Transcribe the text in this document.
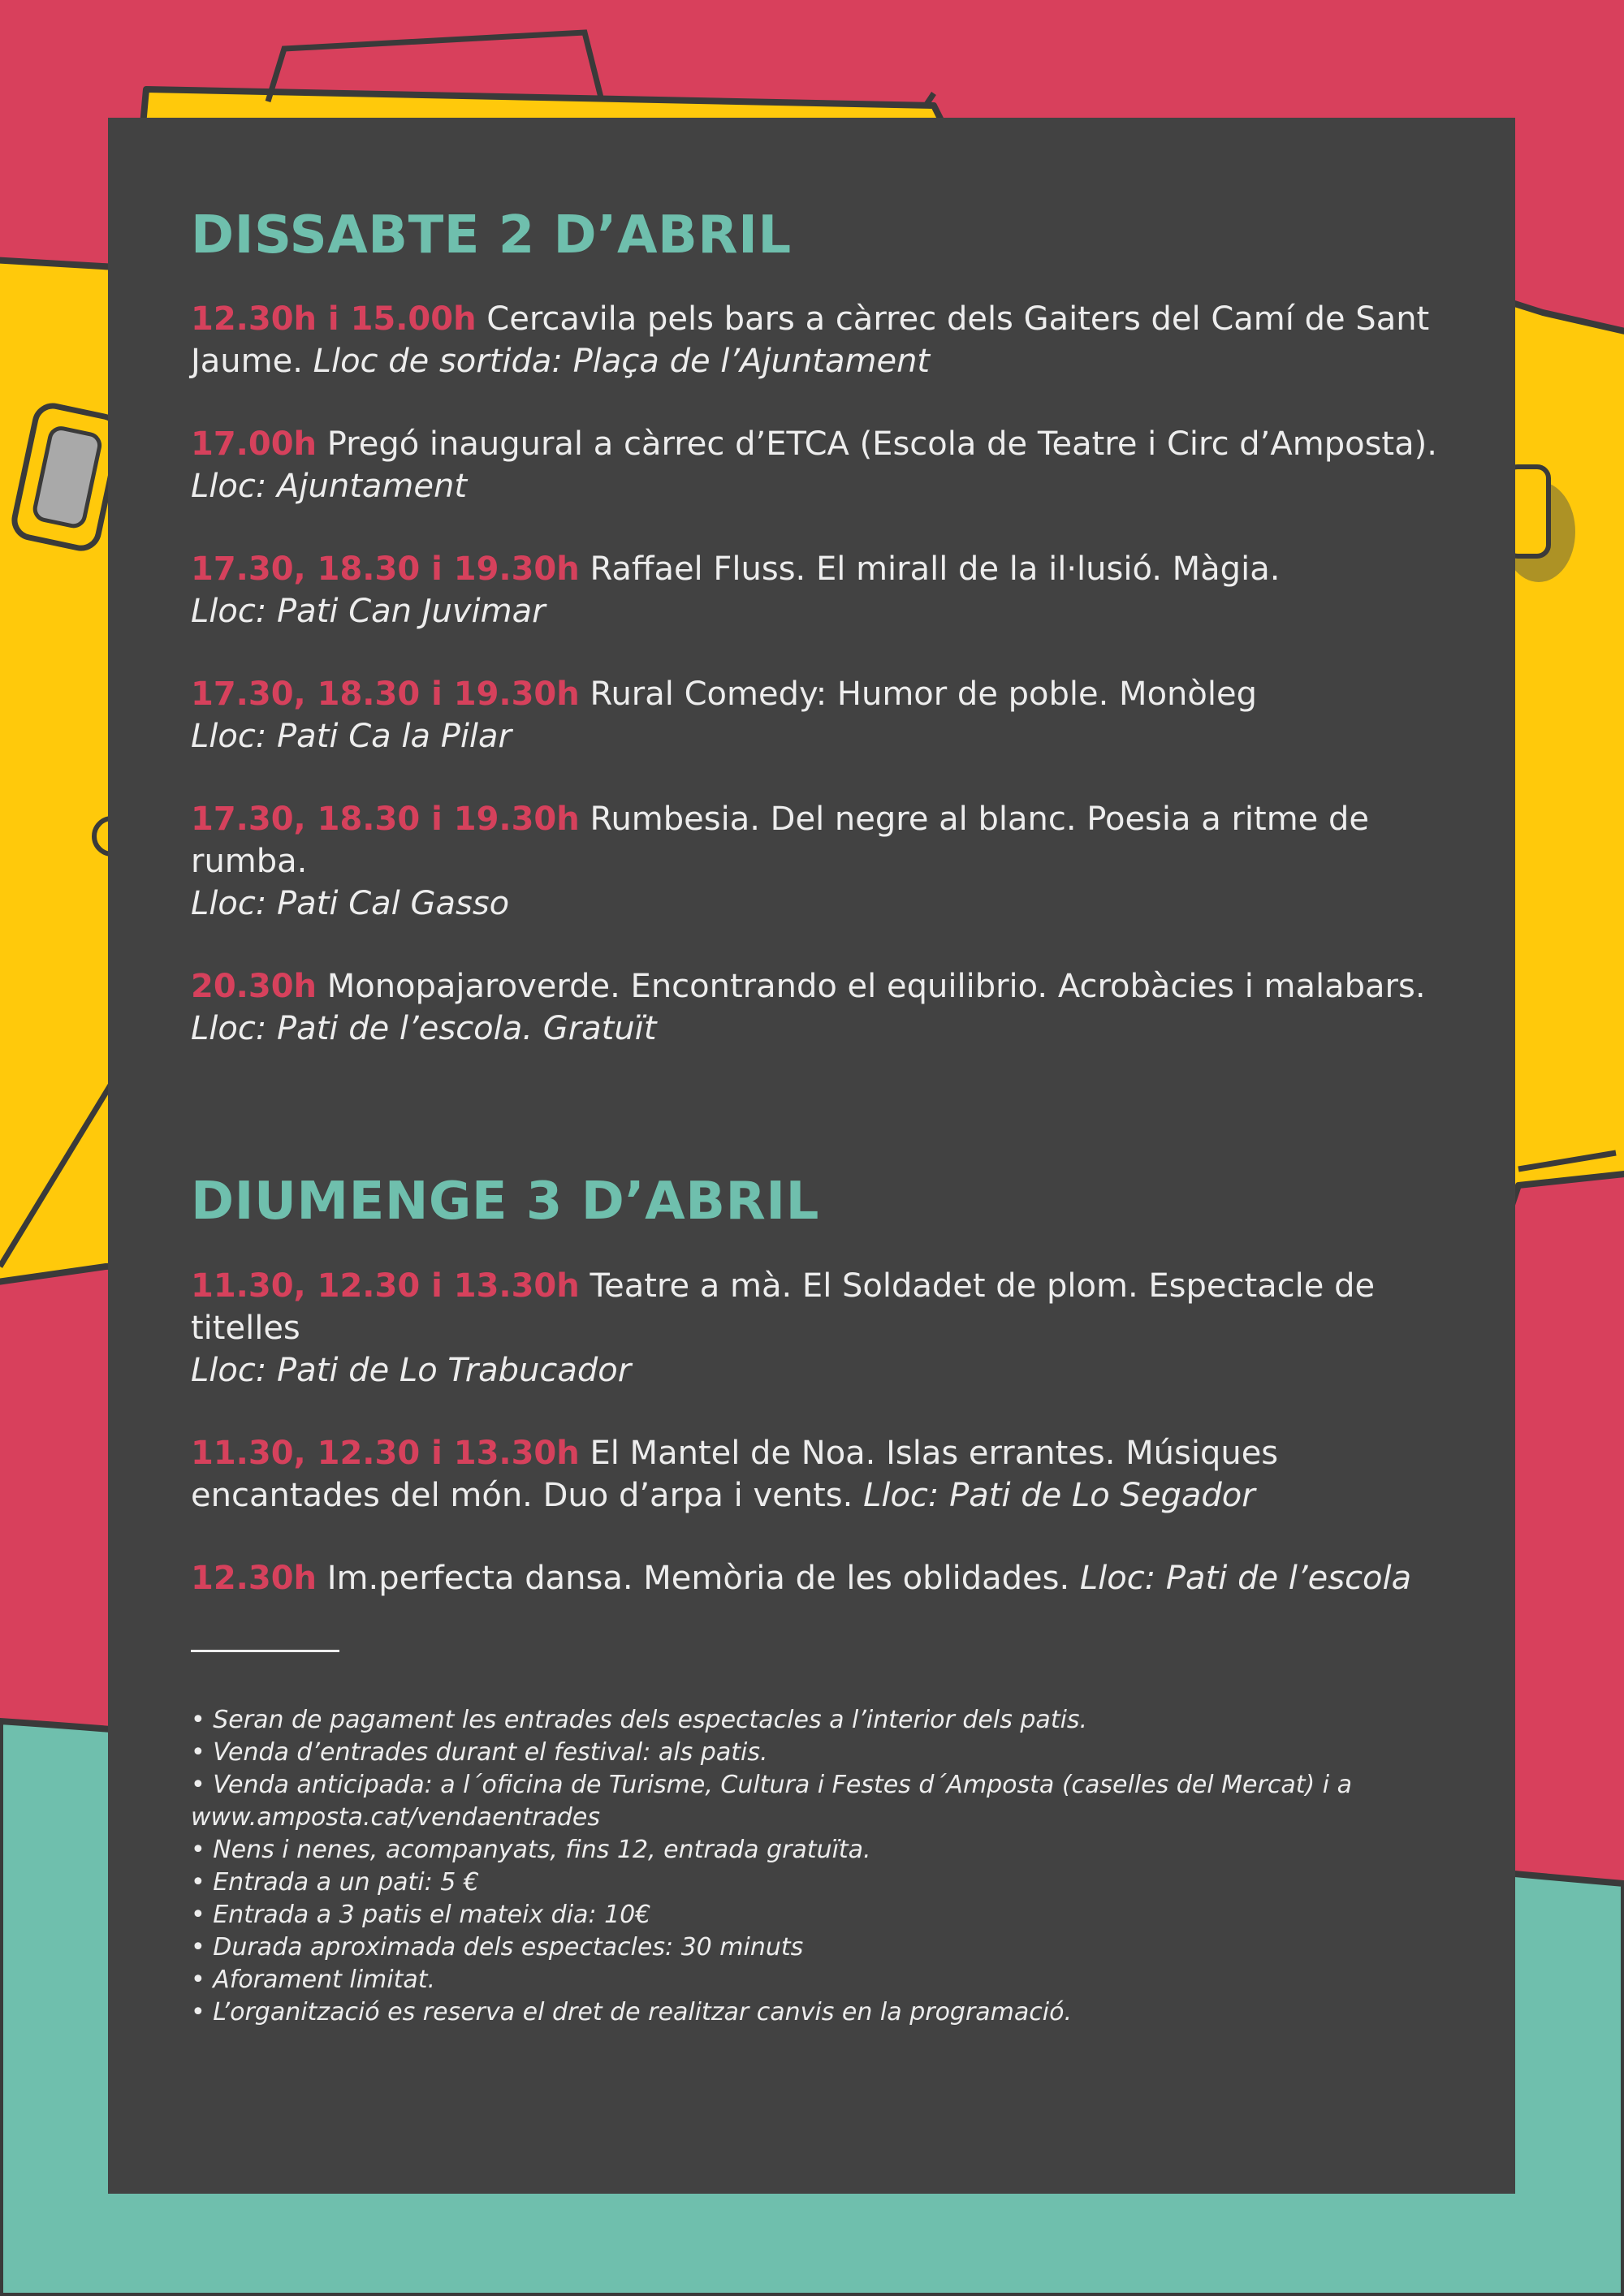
DISSABTE 2 D’ABRIL

12.30h i 15.00h Cercavila pels bars a càrrec dels Gaiters del Camí de Sant Jaume. Lloc de sortida: Plaça de l’Ajuntament

17.00h Pregó inaugural a càrrec d’ETCA (Escola de Teatre i Circ d’Amposta).
Lloc: Ajuntament

17.30, 18.30 i 19.30h Raffael Fluss. El mirall de la il·lusió. Màgia.
Lloc: Pati Can Juvimar

17.30, 18.30 i 19.30h Rural Comedy: Humor de poble. Monòleg
Lloc: Pati Ca la Pilar

17.30, 18.30 i 19.30h Rumbesia. Del negre al blanc. Poesia a ritme de rumba.
Lloc: Pati Cal Gasso

20.30h Monopajaroverde. Encontrando el equilibrio. Acrobàcies i malabars.
Lloc: Pati de l’escola. Gratuït

DIUMENGE 3 D’ABRIL

11.30, 12.30 i 13.30h Teatre a mà. El Soldadet de plom. Espectacle de titelles
Lloc: Pati de Lo Trabucador

11.30, 12.30 i 13.30h El Mantel de Noa. Islas errantes. Músiques encantades del món. Duo d’arpa i vents. Lloc: Pati de Lo Segador

12.30h Im.perfecta dansa. Memòria de les oblidades. Lloc: Pati de l’escola

• Seran de pagament les entrades dels espectacles a l’interior dels patis.
• Venda d’entrades durant el festival: als patis.
• Venda anticipada: a l´oficina de Turisme, Cultura i Festes d´Amposta (caselles del Mercat) i a www.amposta.cat/vendaentrades
• Nens i nenes, acompanyats, fins 12, entrada gratuïta.
• Entrada a un pati: 5 €
• Entrada a 3 patis el mateix dia: 10€
• Durada aproximada dels espectacles: 30 minuts
• Aforament limitat.
• L’organització es reserva el dret de realitzar canvis en la programació.
